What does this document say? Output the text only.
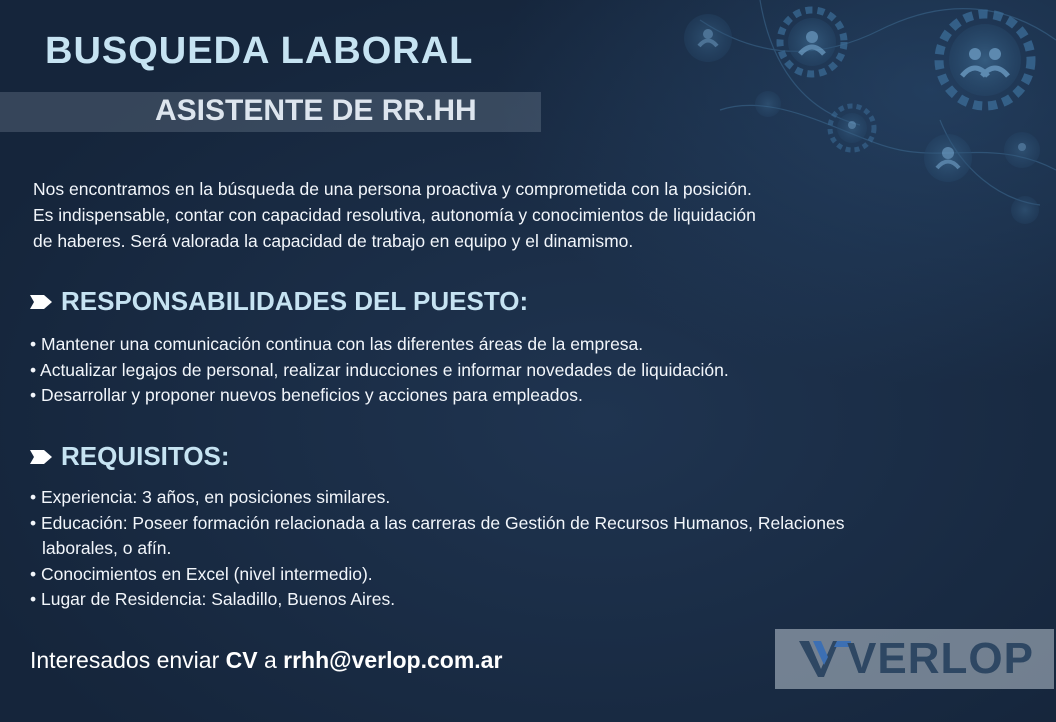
BUSQUEDA LABORAL
ASISTENTE DE RR.HH

Nos encontramos en la búsqueda de una persona proactiva y comprometida con la posición.

Es indispensable, contar con capacidad resolutiva, autonomía y conocimientos de liquidación

de haberes. Será valorada la capacidad de trabajo en equipo y el dinamismo.

RESPONSABILIDADES DEL PUESTO:
• Mantener una comunicación continua con las diferentes áreas de la empresa.
• Actualizar legajos de personal, realizar inducciones e informar novedades de liquidación.
• Desarrollar y proponer nuevos beneficios y acciones para empleados.
REQUISITOS:
• Experiencia: 3 años, en posiciones similares.
• Educación: Poseer formación relacionada a las carreras de Gestión de Recursos Humanos, Relaciones laborales, o afín.
• Conocimientos en Excel (nivel intermedio).
• Lugar de Residencia: Saladillo, Buenos Aires.
Interesados enviar CV a rrhh@verlop.com.ar	VERLOP
